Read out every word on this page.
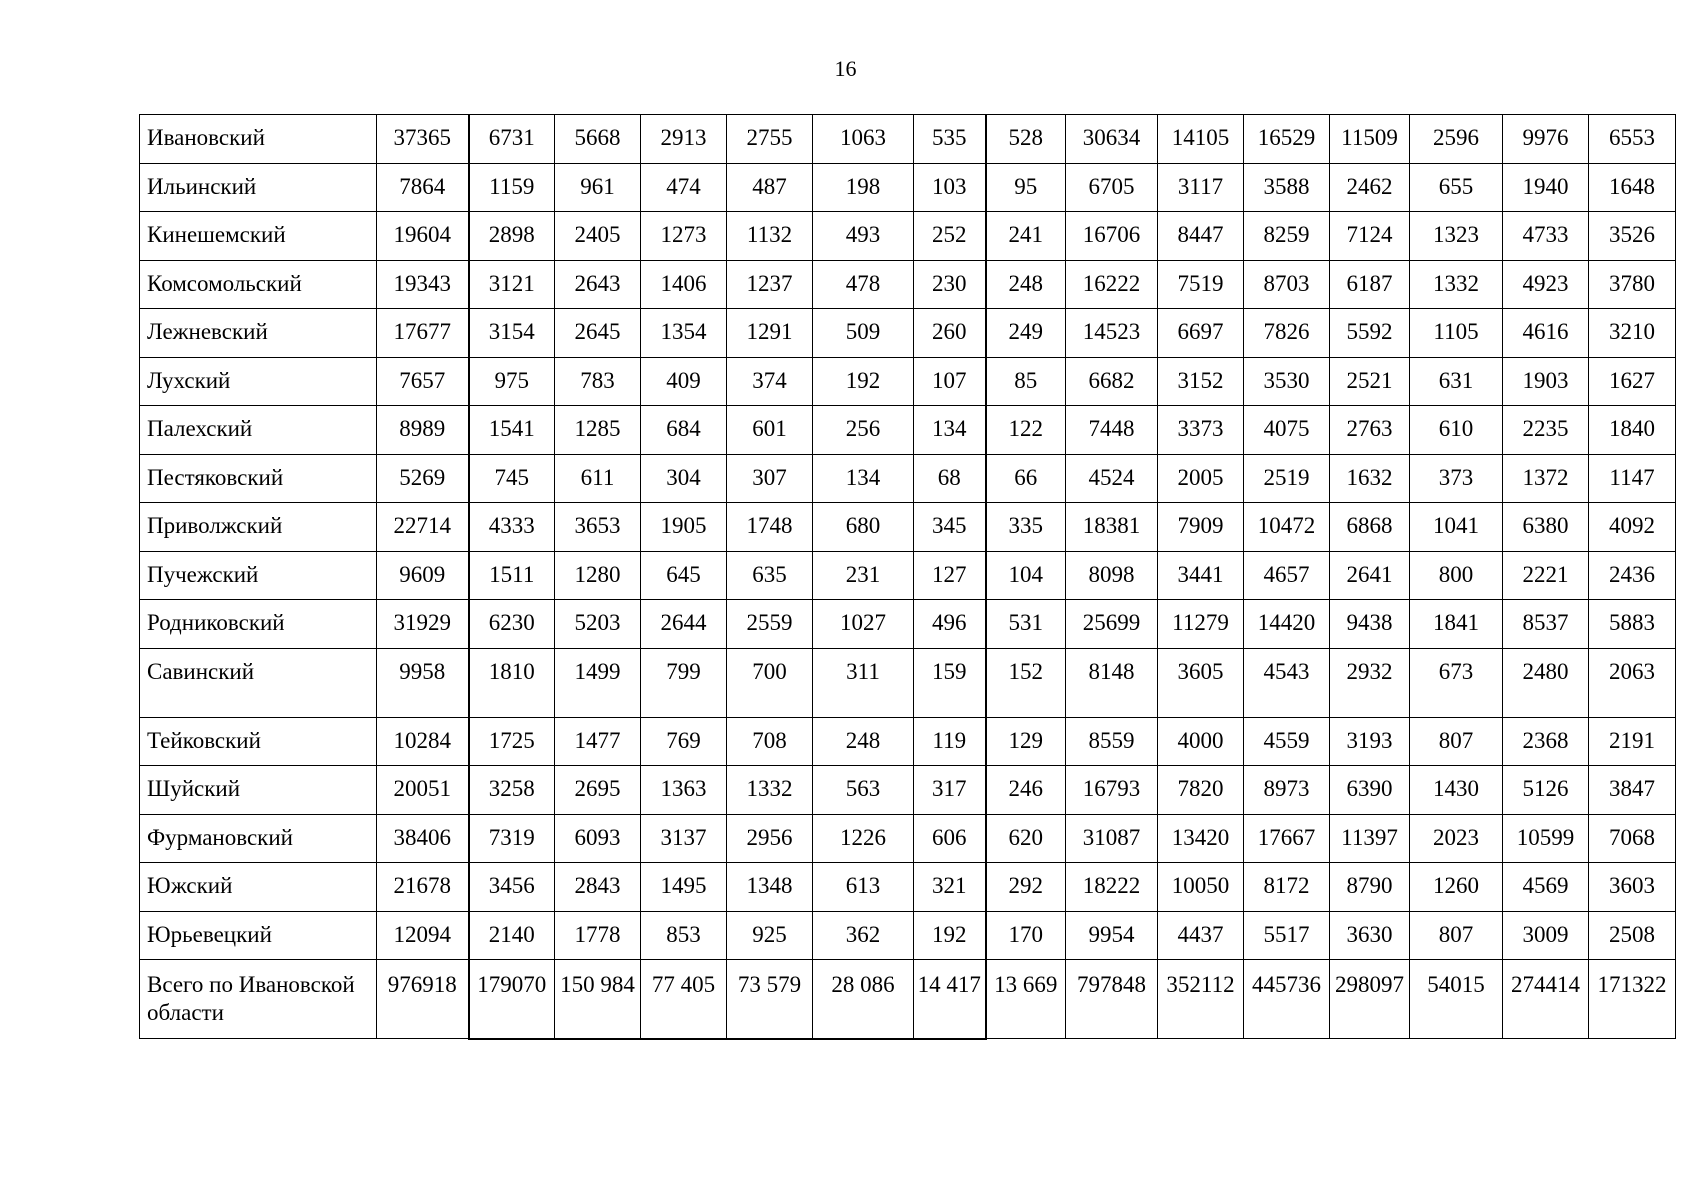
16
Ивановский	37365	6731	5668	2913	2755	1063	535	528	30634	14105	16529	11509	2596	9976	6553
Ильинский	7864	1159	961	474	487	198	103	95	6705	3117	3588	2462	655	1940	1648
Кинешемский	19604	2898	2405	1273	1132	493	252	241	16706	8447	8259	7124	1323	4733	3526
Комсомольский	19343	3121	2643	1406	1237	478	230	248	16222	7519	8703	6187	1332	4923	3780
Лежневский	17677	3154	2645	1354	1291	509	260	249	14523	6697	7826	5592	1105	4616	3210
Лухский	7657	975	783	409	374	192	107	85	6682	3152	3530	2521	631	1903	1627
Палехский	8989	1541	1285	684	601	256	134	122	7448	3373	4075	2763	610	2235	1840
Пестяковский	5269	745	611	304	307	134	68	66	4524	2005	2519	1632	373	1372	1147
Приволжский	22714	4333	3653	1905	1748	680	345	335	18381	7909	10472	6868	1041	6380	4092
Пучежский	9609	1511	1280	645	635	231	127	104	8098	3441	4657	2641	800	2221	2436
Родниковский	31929	6230	5203	2644	2559	1027	496	531	25699	11279	14420	9438	1841	8537	5883
Савинский	9958	1810	1499	799	700	311	159	152	8148	3605	4543	2932	673	2480	2063
Тейковский	10284	1725	1477	769	708	248	119	129	8559	4000	4559	3193	807	2368	2191
Шуйский	20051	3258	2695	1363	1332	563	317	246	16793	7820	8973	6390	1430	5126	3847
Фурмановский	38406	7319	6093	3137	2956	1226	606	620	31087	13420	17667	11397	2023	10599	7068
Южский	21678	3456	2843	1495	1348	613	321	292	18222	10050	8172	8790	1260	4569	3603
Юрьевецкий	12094	2140	1778	853	925	362	192	170	9954	4437	5517	3630	807	3009	2508
Всего по Ивановской области	976918	179070	150 984	77 405	73 579	28 086	14 417	13 669	797848	352112	445736	298097	54015	274414	171322
